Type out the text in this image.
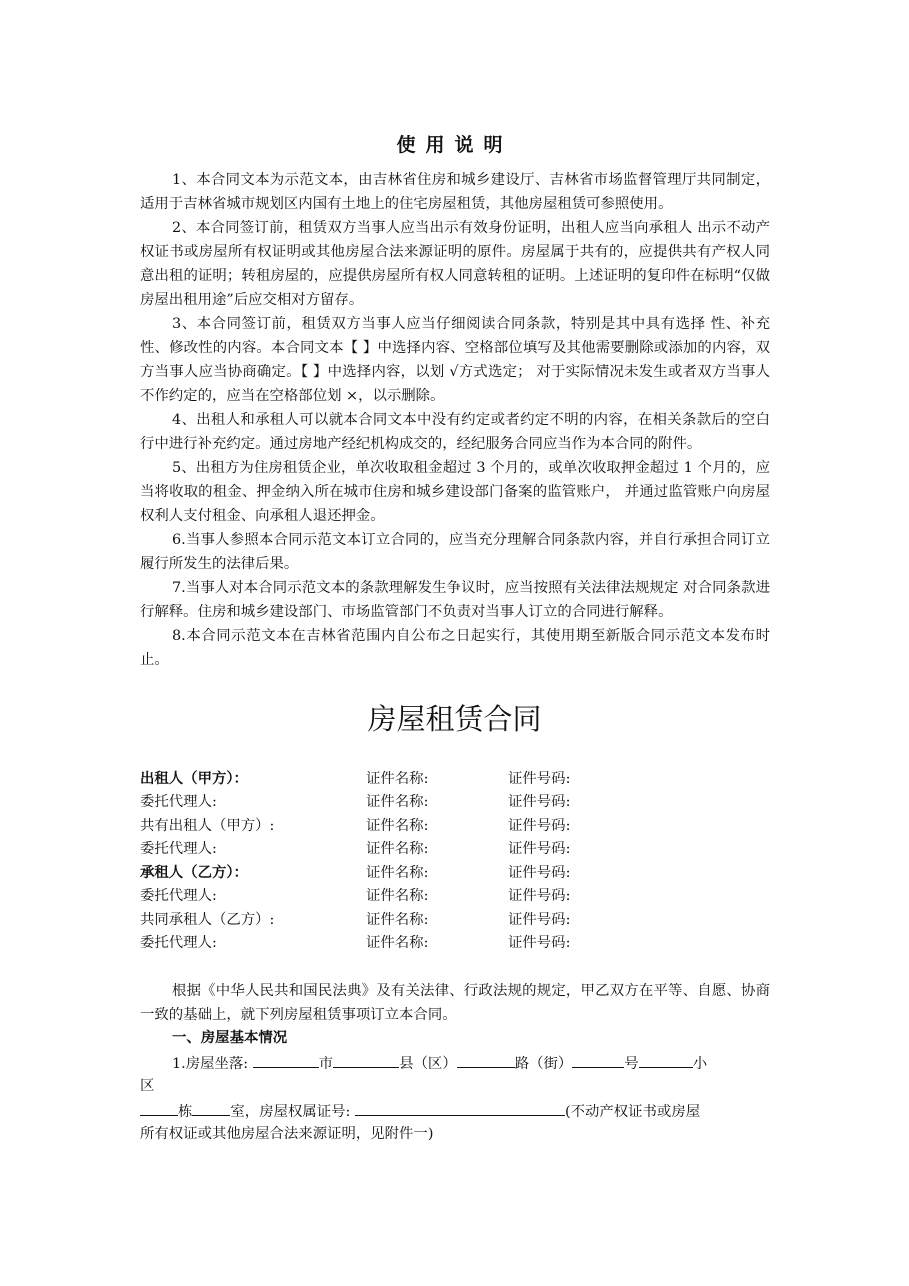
使用说明

1、本合同文本为示范文本，由吉林省住房和城乡建设厅、吉林省市场监督管理厅共同制定，适用于吉林省城市规划区内国有土地上的住宅房屋租赁，其他房屋租赁可参照使用。

2、本合同签订前，租赁双方当事人应当出示有效身份证明，出租人应当向承租人 出示不动产权证书或房屋所有权证明或其他房屋合法来源证明的原件。房屋属于共有的，应提供共有产权人同意出租的证明；转租房屋的，应提供房屋所有权人同意转租的证明。上述证明的复印件在标明“仅做房屋出租用途”后应交相对方留存。

3、本合同签订前，租赁双方当事人应当仔细阅读合同条款，特别是其中具有选择 性、补充性、修改性的内容。本合同文本【 】中选择内容、空格部位填写及其他需要删除或添加的内容，双方当事人应当协商确定。【 】中选择内容，以划 √方式选定； 对于实际情况未发生或者双方当事人不作约定的，应当在空格部位划 ×，以示删除。

4、出租人和承租人可以就本合同文本中没有约定或者约定不明的内容，在相关条款后的空白行中进行补充约定。通过房地产经纪机构成交的，经纪服务合同应当作为本合同的附件。

5、出租方为住房租赁企业，单次收取租金超过 3 个月的，或单次收取押金超过 1 个月的，应当将收取的租金、押金纳入所在城市住房和城乡建设部门备案的监管账户， 并通过监管账户向房屋权利人支付租金、向承租人退还押金。

6.当事人参照本合同示范文本订立合同的，应当充分理解合同条款内容，并自行承担合同订立履行所发生的法律后果。

7.当事人对本合同示范文本的条款理解发生争议时，应当按照有关法律法规规定 对合同条款进行解释。住房和城乡建设部门、市场监管部门不负责对当事人订立的合同进行解释。

8.本合同示范文本在吉林省范围内自公布之日起实行，其使用期至新版合同示范文本发布时止。

房屋租赁合同
出租人（甲方）：	证件名称:	证件号码:
委托代理人:	证件名称:	证件号码:
共有出租人（甲方）:	证件名称:	证件号码:
委托代理人:	证件名称:	证件号码:
承租人（乙方）：	证件名称:	证件号码:
委托代理人:	证件名称:	证件号码:
共同承租人（乙方）:	证件名称:	证件号码:
委托代理人:	证件名称:	证件号码:

根据《中华人民共和国民法典》及有关法律、行政法规的规定，甲乙双方在平等、自愿、协商一致的基础上，就下列房屋租赁事项订立本合同。

一、房屋基本情况
1.房屋坐落:	市	县（区）	路（街）	号	小
区
栋	室，房屋权属证号:	(不动产权证书或房屋
所有权证或其他房屋合法来源证明，见附件一)
